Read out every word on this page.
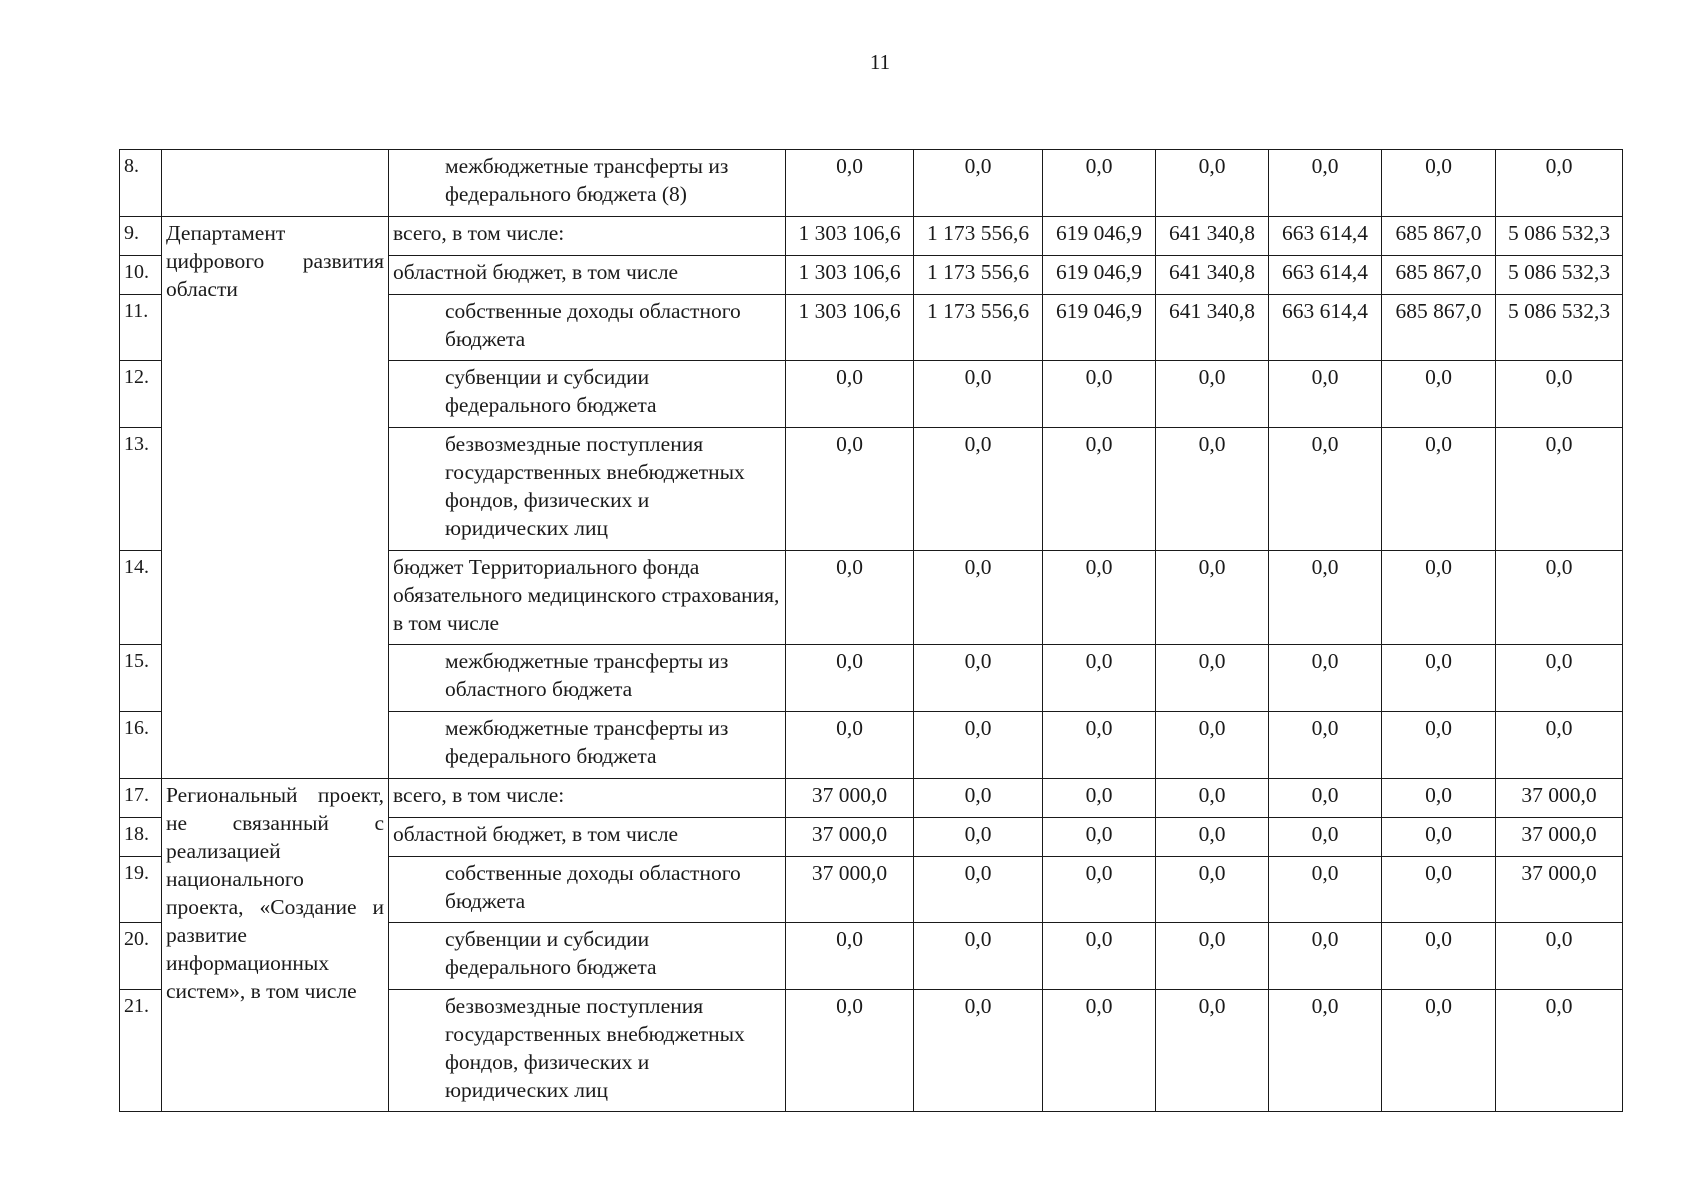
11
8.		межбюджетные трансферты из федерального бюджета (8)	0,0	0,0	0,0	0,0	0,0	0,0	0,0
9.	Департамент цифрового развития области	всего, в том числе:	1 303 106,6	1 173 556,6	619 046,9	641 340,8	663 614,4	685 867,0	5 086 532,3
10.		областной бюджет, в том числе	1 303 106,6	1 173 556,6	619 046,9	641 340,8	663 614,4	685 867,0	5 086 532,3
11.		собственные доходы областного бюджета	1 303 106,6	1 173 556,6	619 046,9	641 340,8	663 614,4	685 867,0	5 086 532,3
12.		субвенции и субсидии федерального бюджета	0,0	0,0	0,0	0,0	0,0	0,0	0,0
13.		безвозмездные поступления государственных внебюджетных фондов, физических и юридических лиц	0,0	0,0	0,0	0,0	0,0	0,0	0,0
14.		бюджет Территориального фонда обязательного медицинского страхования, в том числе	0,0	0,0	0,0	0,0	0,0	0,0	0,0
15.		межбюджетные трансферты из областного бюджета	0,0	0,0	0,0	0,0	0,0	0,0	0,0
16.		межбюджетные трансферты из федерального бюджета	0,0	0,0	0,0	0,0	0,0	0,0	0,0
17.	Региональный проект, не связанный с реализацией национального проекта, «Создание и развитие информационных систем», в том числе	всего, в том числе:	37 000,0	0,0	0,0	0,0	0,0	0,0	37 000,0
18.		областной бюджет, в том числе	37 000,0	0,0	0,0	0,0	0,0	0,0	37 000,0
19.		собственные доходы областного бюджета	37 000,0	0,0	0,0	0,0	0,0	0,0	37 000,0
20.		субвенции и субсидии федерального бюджета	0,0	0,0	0,0	0,0	0,0	0,0	0,0
21.		безвозмездные поступления государственных внебюджетных фондов, физических и юридических лиц	0,0	0,0	0,0	0,0	0,0	0,0	0,0
